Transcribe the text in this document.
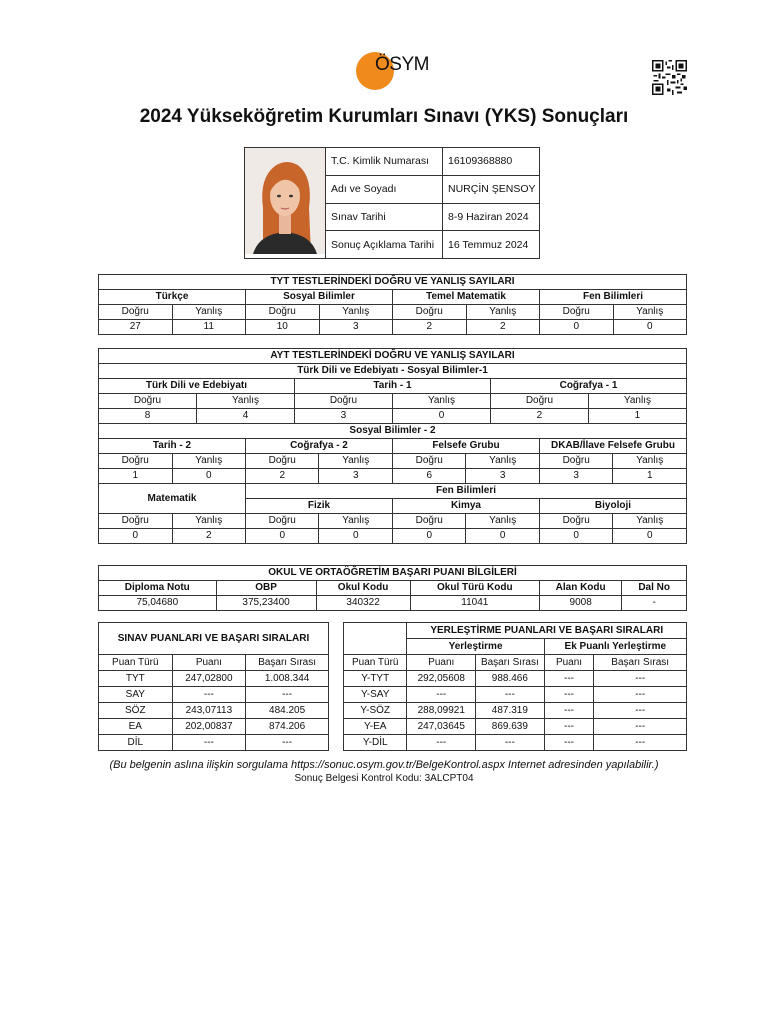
ÖSYM
2024 Yükseköğretim Kurumları Sınavı (YKS) Sonuçları
	T.C. Kimlik Numarası	16109368880
	Adı ve Soyadı	NURÇİN ŞENSOY
	Sınav Tarihi	8-9 Haziran 2024
	Sonuç Açıklama Tarihi	16 Temmuz 2024
TYT TESTLERİNDEKİ DOĞRU VE YANLIŞ SAYILARI							
Türkçe		Sosyal Bilimler		Temel Matematik		Fen Bilimleri	
Doğru	Yanlış	Doğru	Yanlış	Doğru	Yanlış	Doğru	Yanlış
27	11	10	3	2	2	0	0
AYT TESTLERİNDEKİ DOĞRU VE YANLIŞ SAYILARI											
Türk Dili ve Edebiyatı - Sosyal Bilimler-1											
Türk Dili ve Edebiyatı				Tarih - 1				Coğrafya - 1			
Doğru		Yanlış		Doğru		Yanlış		Doğru		Yanlış	
8		4		3		0		2		1	
Sosyal Bilimler - 2											
Tarih - 2			Coğrafya - 2			Felsefe Grubu			DKAB/İlave Felsefe Grubu		
Doğru	Yanlış		Doğru		Yanlış	Doğru	Yanlış		Doğru		Yanlış
1	0		2		3	6	3		3		1
Matematik			Fen Bilimleri								
			Fizik			Kimya			Biyoloji		
Doğru	Yanlış		Doğru		Yanlış	Doğru	Yanlış		Doğru		Yanlış
0	2		0		0	0	0		0		0
OKUL VE ORTAÖĞRETİM BAŞARI PUANI BİLGİLERİ					
Diploma Notu	OBP	Okul Kodu	Okul Türü Kodu	Alan Kodu	Dal No
75,04680	375,23400	340322	11041	9008	-
SINAV PUANLARI VE BAŞARI SIRALARI		
Puan Türü	Puanı	Başarı Sırası
TYT	247,02800	1.008.344
SAY	---	---
SÖZ	243,07113	484.205
EA	202,00837	874.206
DİL	---	---
	YERLEŞTİRME PUANLARI VE BAŞARI SIRALARI			
	Yerleştirme		Ek Puanlı Yerleştirme	
Puan Türü	Puanı	Başarı Sırası	Puanı	Başarı Sırası
Y-TYT	292,05608	988.466	---	---
Y-SAY	---	---	---	---
Y-SÖZ	288,09921	487.319	---	---
Y-EA	247,03645	869.639	---	---
Y-DİL	---	---	---	---
(Bu belgenin aslına ilişkin sorgulama https://sonuc.osym.gov.tr/BelgeKontrol.aspx Internet adresinden yapılabilir.)
Sonuç Belgesi Kontrol Kodu: 3ALCPT04
